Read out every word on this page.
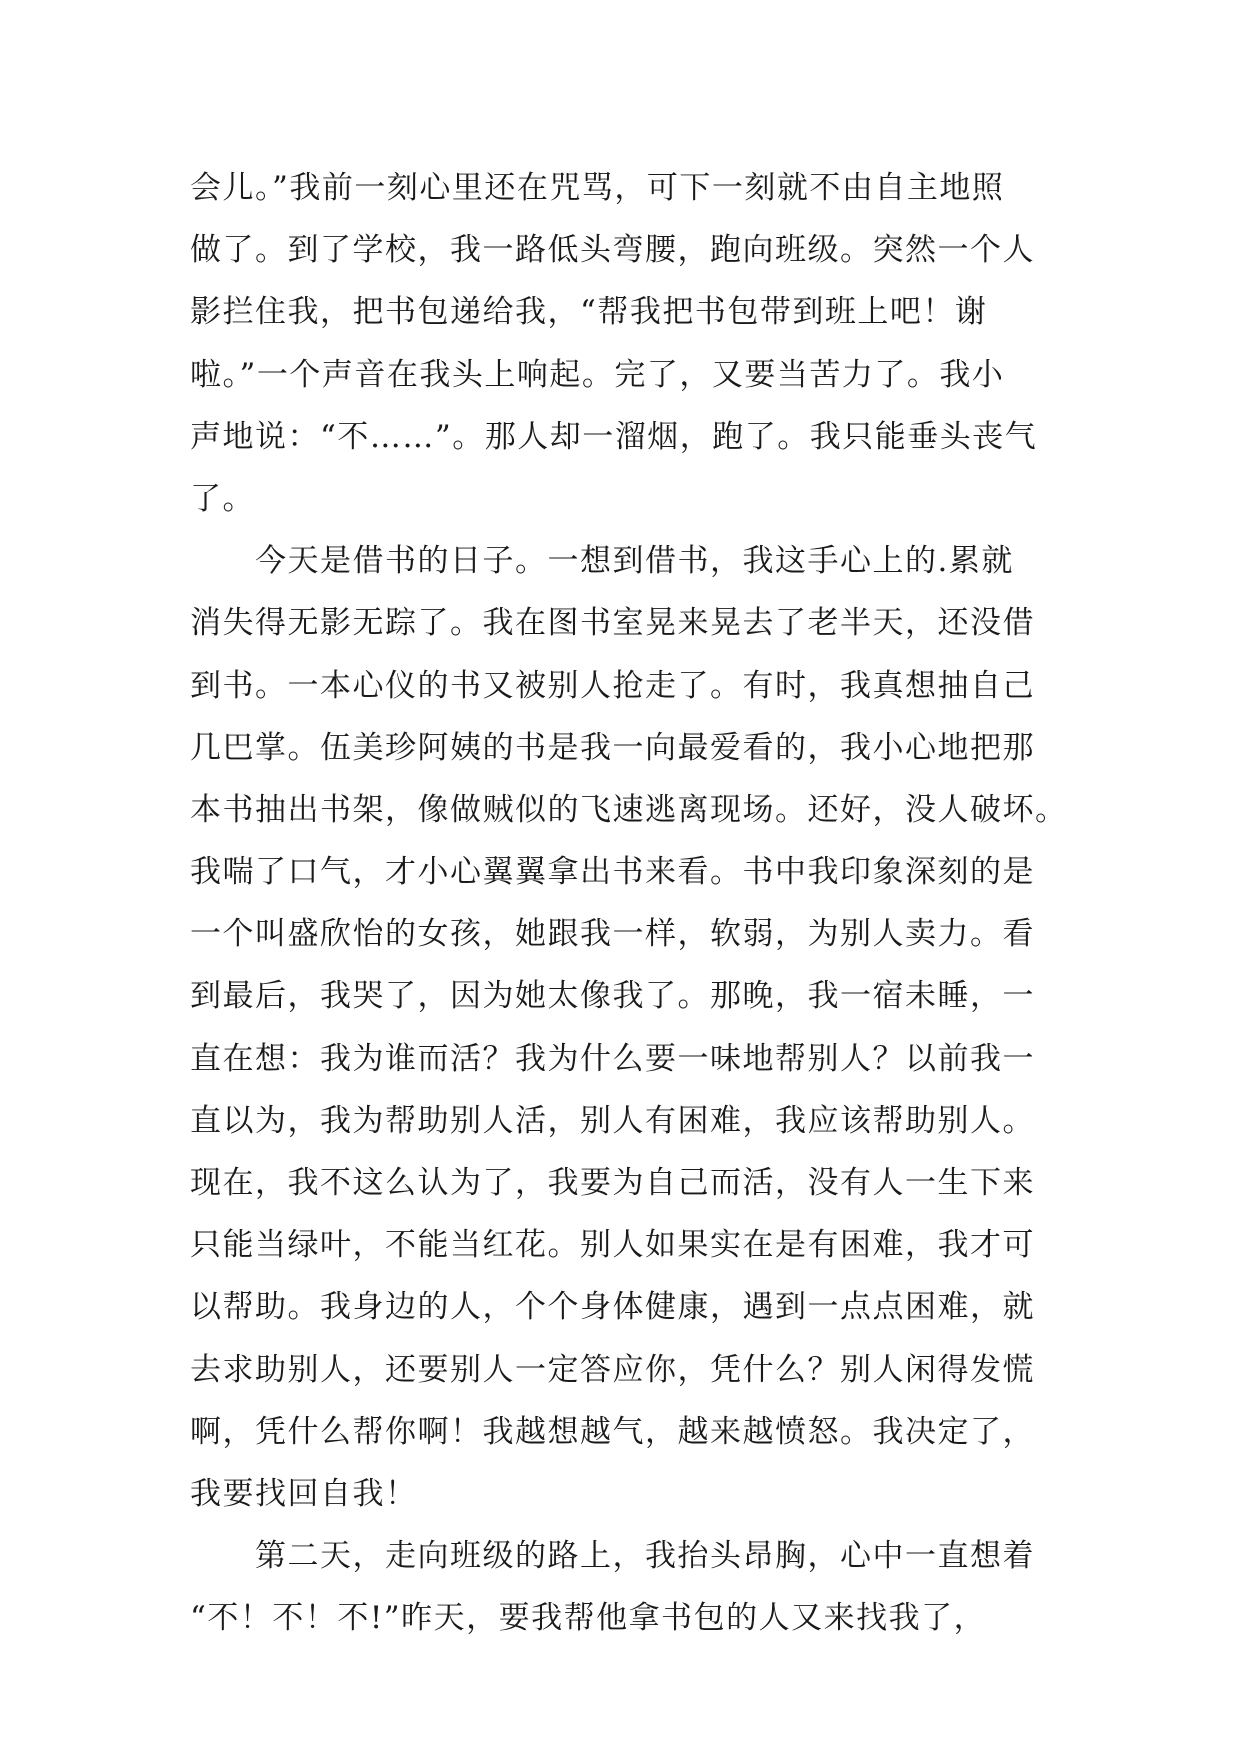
会儿。”我前一刻心里还在咒骂，可下一刻就不由自主地照
做了。到了学校，我一路低头弯腰，跑向班级。突然一个人
影拦住我，把书包递给我，“帮我把书包带到班上吧！谢
啦。”一个声音在我头上响起。完了，又要当苦力了。我小
声地说：“不……”。那人却一溜烟，跑了。我只能垂头丧气
了。
　　今天是借书的日子。一想到借书，我这手心上的.累就
消失得无影无踪了。我在图书室晃来晃去了老半天，还没借
到书。一本心仪的书又被别人抢走了。有时，我真想抽自己
几巴掌。伍美珍阿姨的书是我一向最爱看的，我小心地把那
本书抽出书架，像做贼似的飞速逃离现场。还好，没人破坏。
我喘了口气，才小心翼翼拿出书来看。书中我印象深刻的是
一个叫盛欣怡的女孩，她跟我一样，软弱，为别人卖力。看
到最后，我哭了，因为她太像我了。那晚，我一宿未睡，一
直在想：我为谁而活？我为什么要一味地帮别人？以前我一
直以为，我为帮助别人活，别人有困难，我应该帮助别人。
现在，我不这么认为了，我要为自己而活，没有人一生下来
只能当绿叶，不能当红花。别人如果实在是有困难，我才可
以帮助。我身边的人，个个身体健康，遇到一点点困难，就
去求助别人，还要别人一定答应你，凭什么？别人闲得发慌
啊，凭什么帮你啊！我越想越气，越来越愤怒。我决定了，
我要找回自我！
　　第二天，走向班级的路上，我抬头昂胸，心中一直想着
“不！不！不!”昨天，要我帮他拿书包的人又来找我了，
